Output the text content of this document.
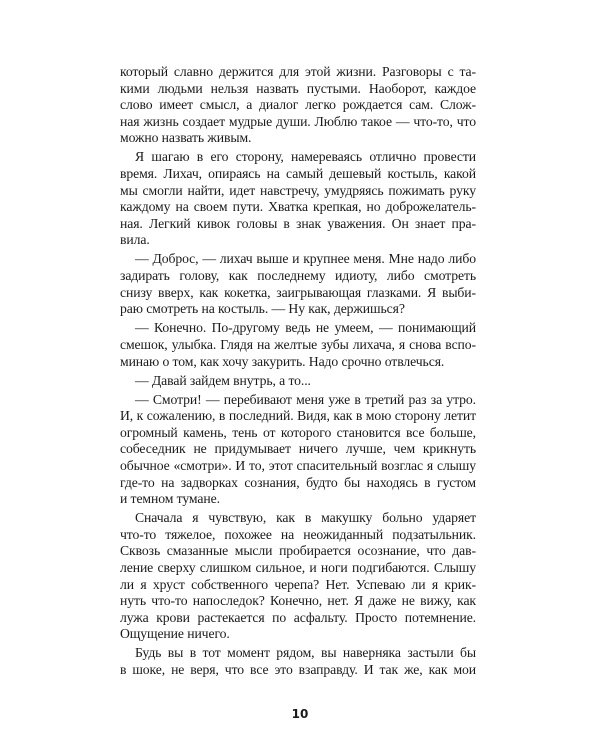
который славно держится для этой жизни. Разговоры с та-
кими людьми нельзя назвать пустыми. Наоборот, каждое
слово имеет смысл, а диалог легко рождается сам. Слож-
ная жизнь создает мудрые души. Люблю такое — что-то, что
можно назвать живым.
Я шагаю в его сторону, намереваясь отлично провести
время. Лихач, опираясь на самый дешевый костыль, какой
мы смогли найти, идет навстречу, умудряясь пожимать руку
каждому на своем пути. Хватка крепкая, но доброжелатель-
ная. Легкий кивок головы в знак уважения. Он знает пра-
вила.
— Доброс, — лихач выше и крупнее меня. Мне надо либо
задирать голову, как последнему идиоту, либо смотреть
снизу вверх, как кокетка, заигрывающая глазками. Я выби-
раю смотреть на костыль. — Ну как, держишься?
— Конечно. По-другому ведь не умеем, — понимающий
смешок, улыбка. Глядя на желтые зубы лихача, я снова вспо-
минаю о том, как хочу закурить. Надо срочно отвлечься.
— Давай зайдем внутрь, а то...
— Смотри! — перебивают меня уже в третий раз за утро.
И, к сожалению, в последний. Видя, как в мою сторону летит
огромный камень, тень от которого становится все больше,
собеседник не придумывает ничего лучше, чем крикнуть
обычное «смотри». И то, этот спасительный возглас я слышу
где-то на задворках сознания, будто бы находясь в густом
и темном тумане.
Сначала я чувствую, как в макушку больно ударяет
что-то тяжелое, похожее на неожиданный подзатыльник.
Сквозь смазанные мысли пробирается осознание, что дав-
ление сверху слишком сильное, и ноги подгибаются. Слышу
ли я хруст собственного черепа? Нет. Успеваю ли я крик-
нуть что-то напоследок? Конечно, нет. Я даже не вижу, как
лужа крови растекается по асфальту. Просто потемнение.
Ощущение ничего.
Будь вы в тот момент рядом, вы наверняка застыли бы
в шоке, не веря, что все это взаправду. И так же, как мои
10
